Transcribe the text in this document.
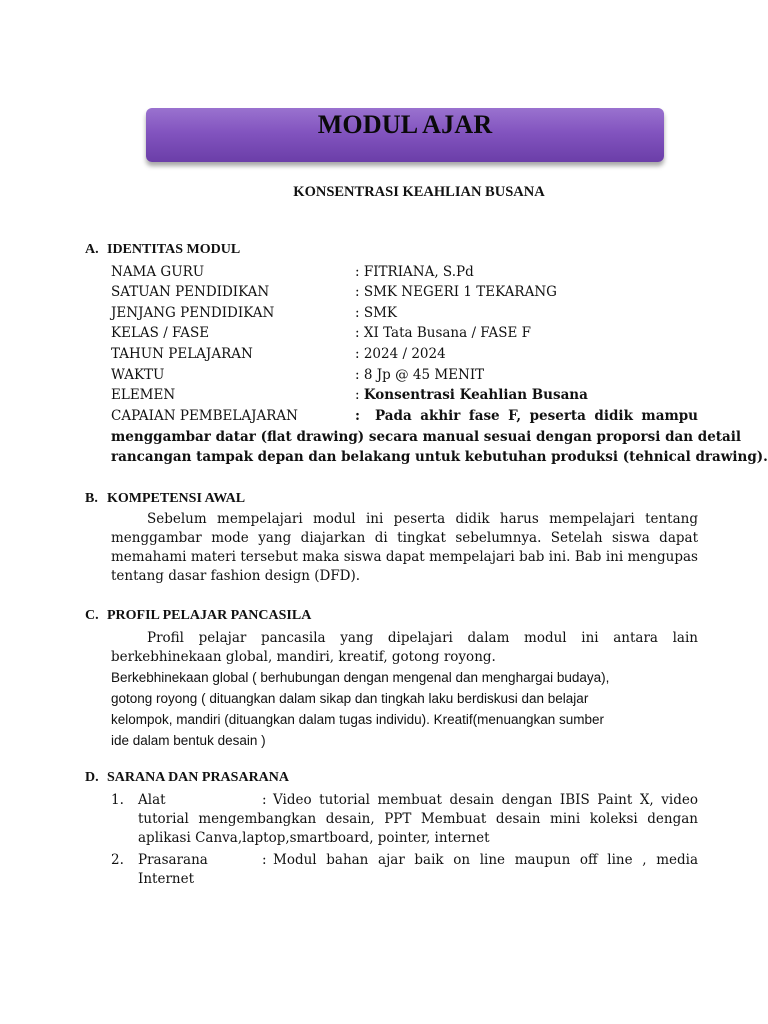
MODUL AJAR
KONSENTRASI KEAHLIAN BUSANA
A. IDENTITAS MODUL
NAMA GURU	: FITRIANA, S.Pd
SATUAN PENDIDIKAN	: SMK NEGERI 1 TEKARANG
JENJANG PENDIDIKAN	: SMK
KELAS / FASE	: XI Tata Busana / FASE F
TAHUN PELAJARAN	: 2024 / 2024
WAKTU	: 8 Jp @ 45 MENIT
ELEMEN	: Konsentrasi Keahlian Busana
CAPAIAN PEMBELAJARAN	: Pada akhir fase F, peserta didik mampu
menggambar datar (flat drawing) secara manual sesuai dengan proporsi dan detail
rancangan tampak depan dan belakang untuk kebutuhan produksi (tehnical drawing).
B. KOMPETENSI AWAL
Sebelum mempelajari modul ini peserta didik harus mempelajari tentang
menggambar mode yang diajarkan di tingkat sebelumnya. Setelah siswa dapat
memahami materi tersebut maka siswa dapat mempelajari bab ini. Bab ini mengupas
tentang dasar fashion design (DFD).
C. PROFIL PELAJAR PANCASILA
Profil pelajar pancasila yang dipelajari dalam modul ini antara lain
berkebhinekaan global, mandiri, kreatif, gotong royong.
Berkebhinekaan global ( berhubungan dengan mengenal dan menghargai budaya),
gotong royong ( dituangkan dalam sikap dan tingkah laku berdiskusi dan belajar
kelompok, mandiri (dituangkan dalam tugas individu). Kreatif(menuangkan sumber
ide dalam bentuk desain )
D. SARANA DAN PRASARANA
1. Alat	: Video tutorial membuat desain dengan IBIS Paint X, video
tutorial mengembangkan desain, PPT Membuat desain mini koleksi dengan
aplikasi Canva,laptop,smartboard, pointer, internet
2. Prasarana	: Modul bahan ajar baik on line maupun off line , media
Internet
